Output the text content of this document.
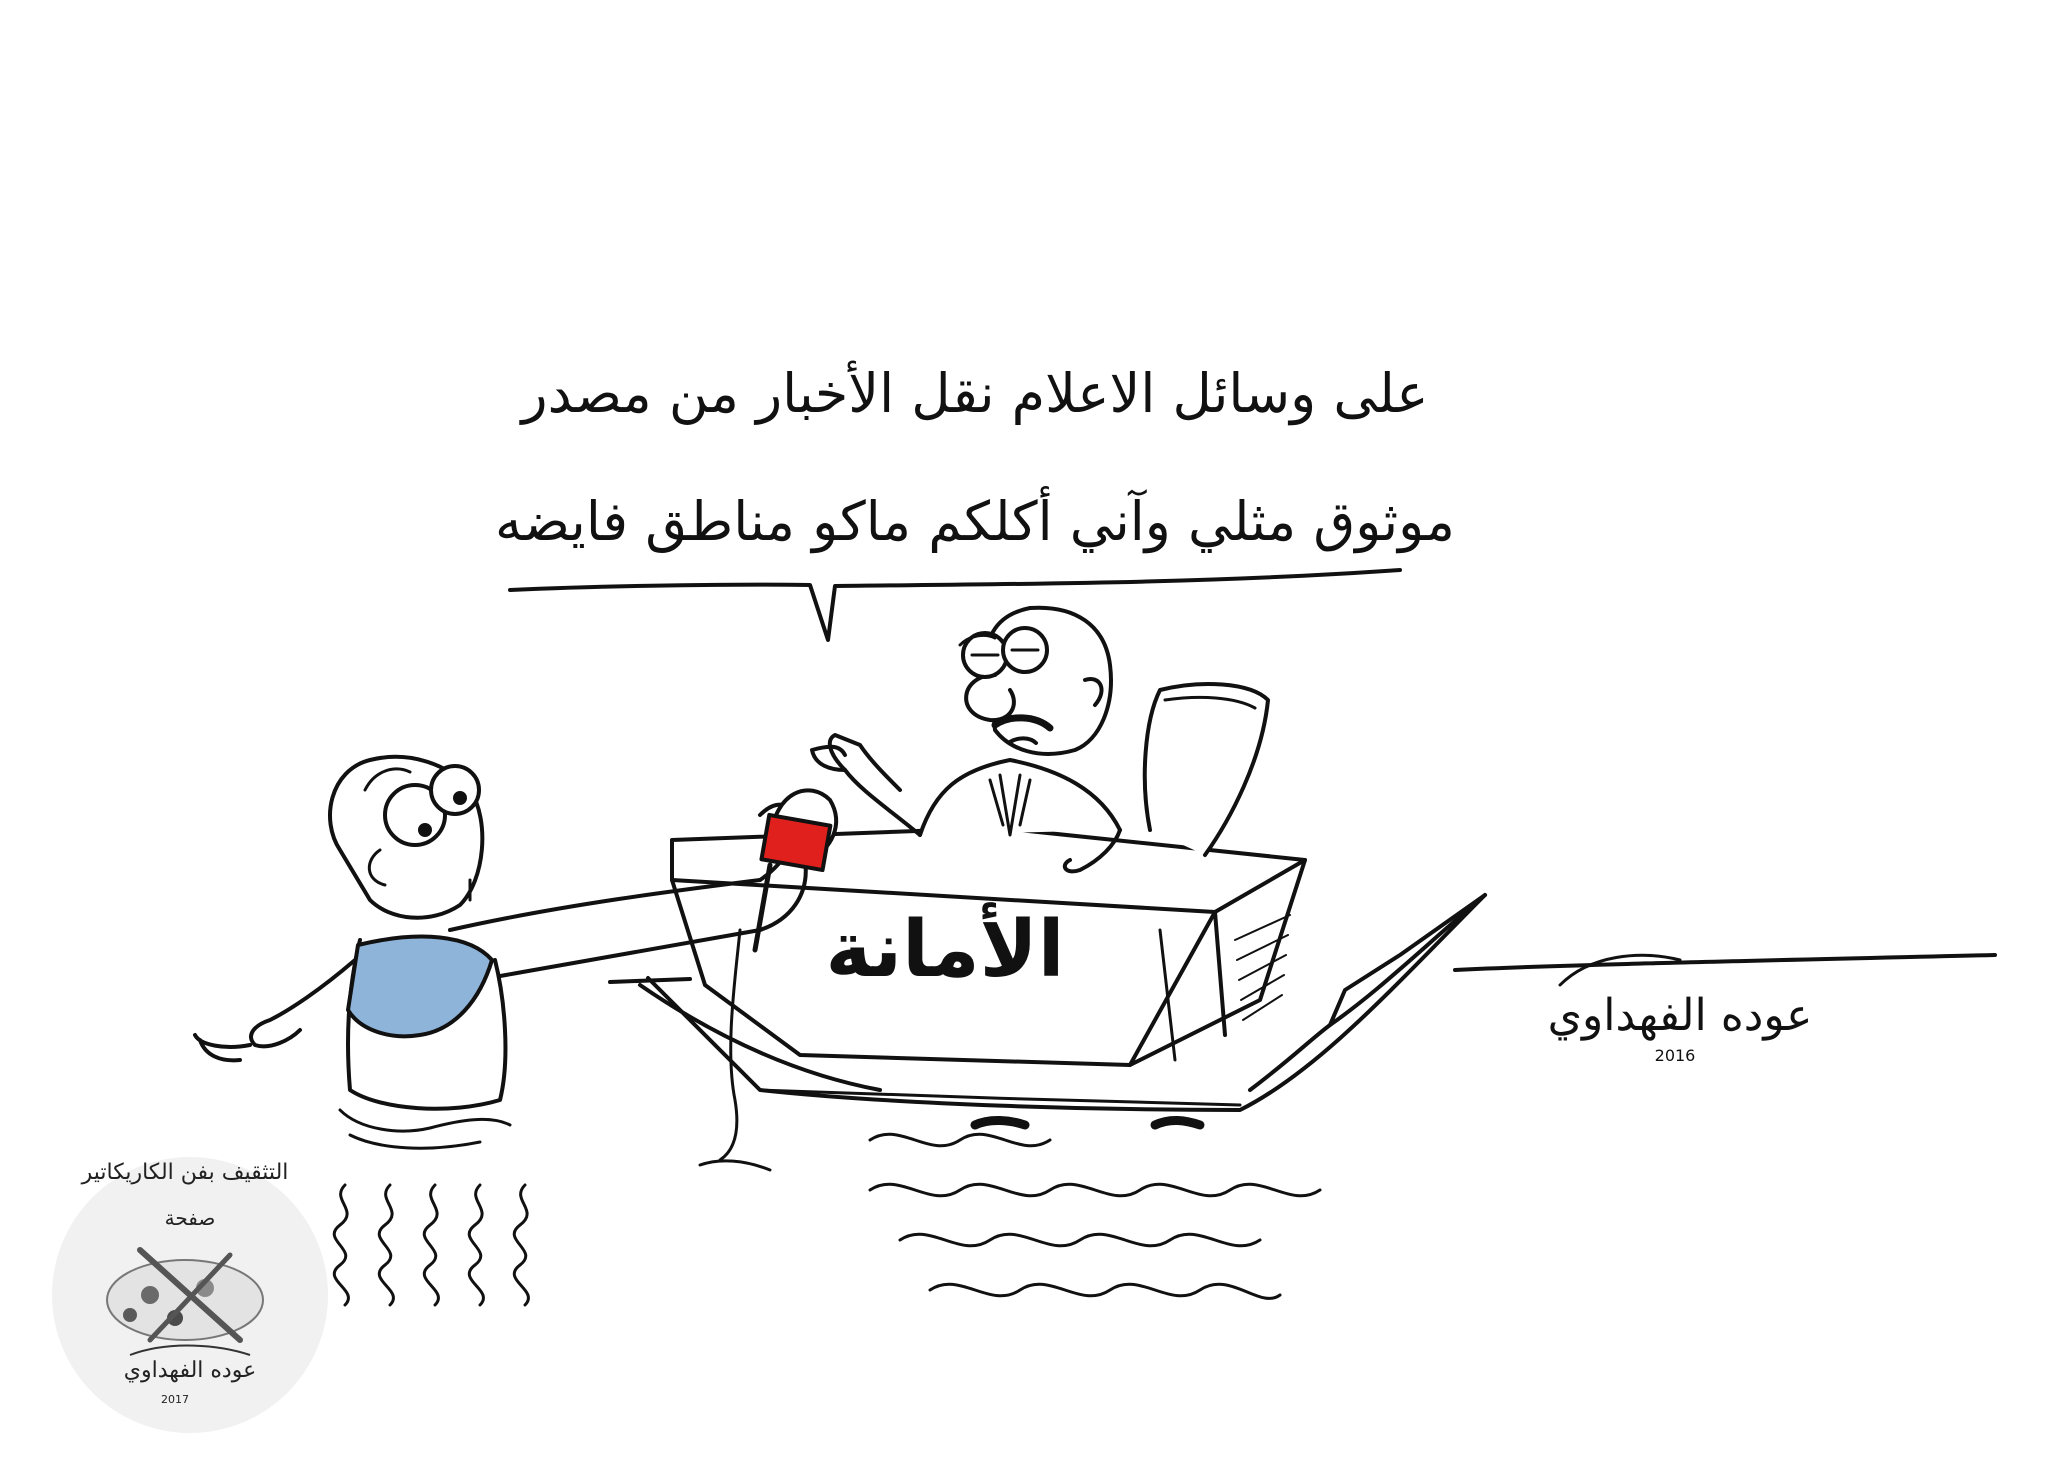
على وسائل الاعلام نقل الأخبار من مصدر
موثوق مثلي وآني أكلكم ماكو مناطق فايضه
الأمانة
عوده الفهداوي
2016
التثقيف بفن الكاريكاتير
صفحة
عوده الفهداوي
2017
